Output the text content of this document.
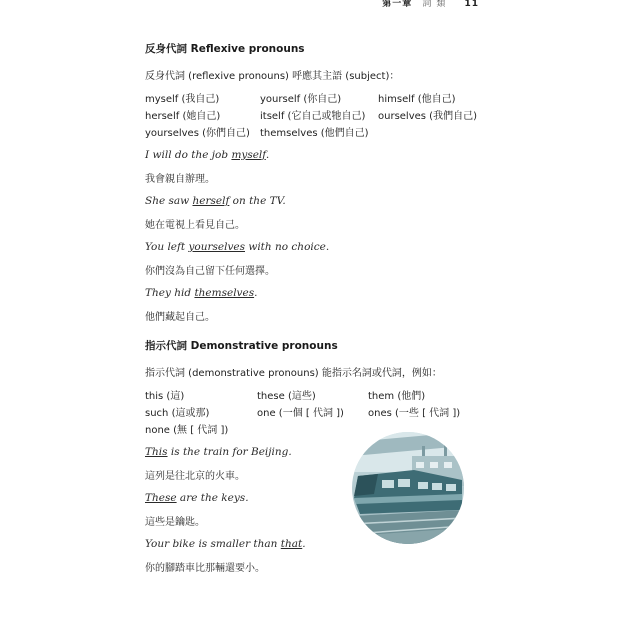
第一章 詞 類 11
反身代詞 Reflexive pronouns
反身代詞 (reflexive pronouns) 呼應其主語 (subject)：
myself (我自己)	yourself (你自己)	himself (他自己)
herself (她自己)	itself (它自己或牠自己) ourselves (我們自己)
yourselves (你們自己) themselves (他們自己)
I will do the job myself.
我會親自辦理。
She saw herself on the TV.
她在電視上看見自己。
You left yourselves with no choice.
你們沒為自己留下任何選擇。
They hid themselves.
他們藏起自己。
指示代詞 Demonstrative pronouns
指示代詞 (demonstrative pronouns) 能指示名詞或代詞，例如：
this (這)	these (這些)	them (他們)
such (這或那)	one (一個 [ 代詞 ]) ones (一些 [ 代詞 ])
none (無 [ 代詞 ])
This is the train for Beijing.
這列是往北京的火車。
These are the keys.
這些是鑰匙。
Your bike is smaller than that.
你的腳踏車比那輛還要小。
